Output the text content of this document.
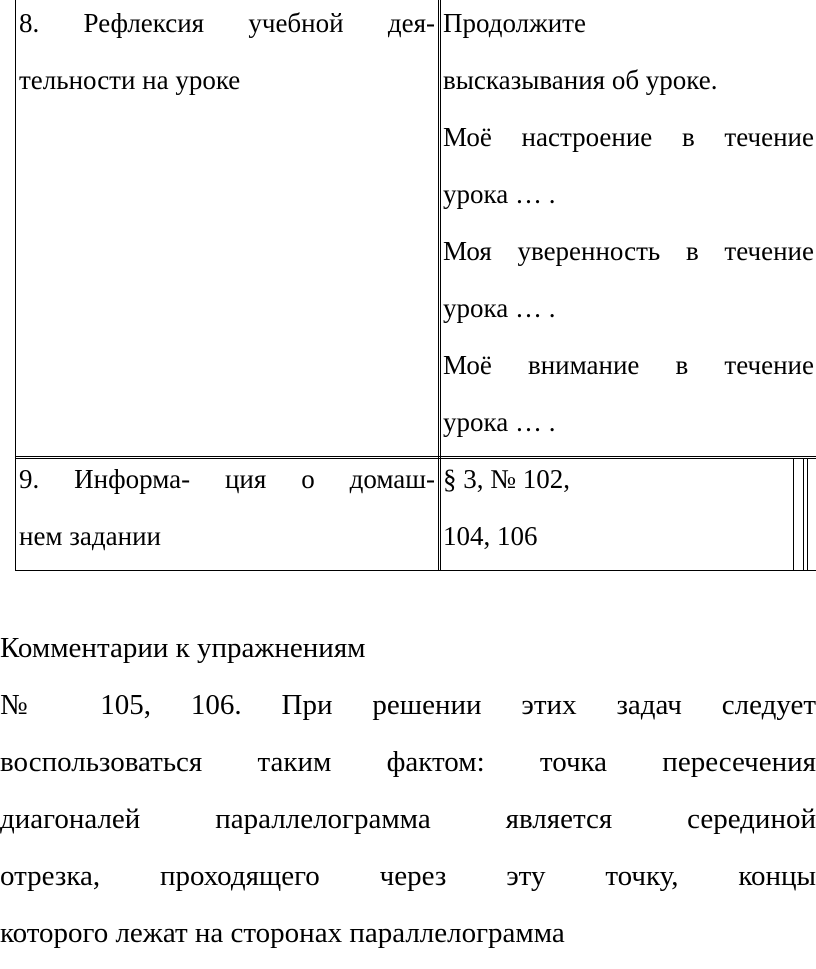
8. Рефлексия учебной дея-

тельности на уроке

Продолжите

высказывания об уроке.

Моё настроение в течение

урока … .

Моя уверенность в течение

урока … .

Моё внимание в течение

урока … .

9. Информа- ция о домаш-

нем задании

§ 3, № 102,

104, 106

Комментарии к упражнениям

№ 105, 106. При решении этих задач следует

воспользоваться таким фактом: точка пересечения

диагоналей параллелограмма является серединой

отрезка, проходящего через эту точку, концы

которого лежат на сторонах параллелограмма
